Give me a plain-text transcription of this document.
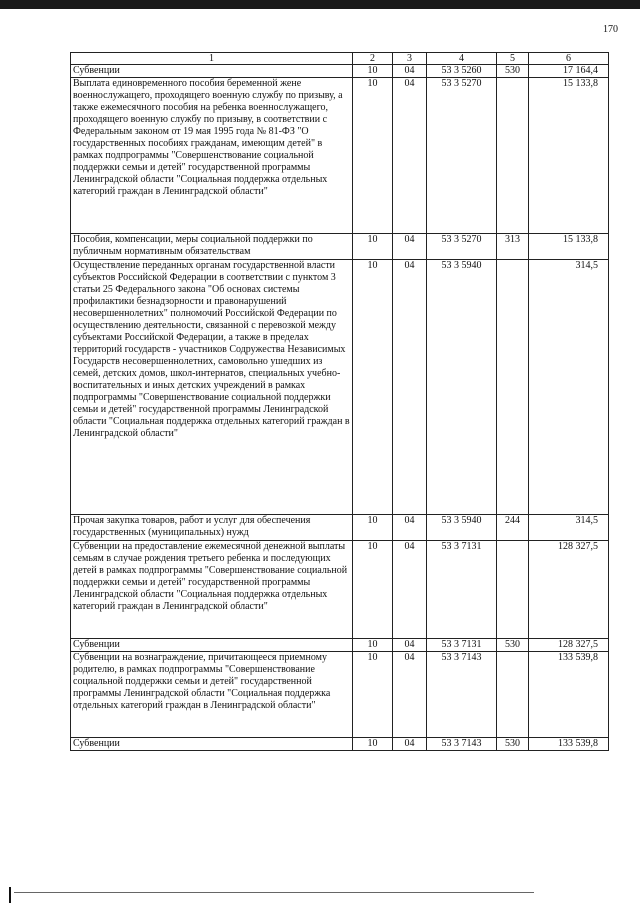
170
1	2	3	4	5	6
Субвенции	10	04	53 3 5260	530	17 164,4
Выплата единовременного пособия беременной жене военнослужащего, проходящего военную службу по призыву, а также ежемесячного пособия на ребенка военнослужащего, проходящего военную службу по призыву, в соответствии с Федеральным законом от 19 мая 1995 года № 81-ФЗ "О государственных пособиях гражданам, имеющим детей" в рамках подпрограммы "Совершенствование социальной поддержки семьи и детей" государственной программы Ленинградской области "Социальная поддержка отдельных категорий граждан в Ленинградской области"	10	04	53 3 5270		15 133,8
Пособия, компенсации, меры социальной поддержки по публичным нормативным обязательствам	10	04	53 3 5270	313	15 133,8
Осуществление переданных органам государственной власти субъектов Российской Федерации в соответствии с пунктом 3 статьи 25 Федерального закона "Об основах системы профилактики безнадзорности и правонарушений несовершеннолетних" полномочий Российской Федерации по осуществлению деятельности, связанной с перевозкой между субъектами Российской Федерации, а также в пределах территорий государств - участников Содружества Независимых Государств несовершеннолетних, самовольно ушедших из семей, детских домов, школ-интернатов, специальных учебно-воспитательных и иных детских учреждений в рамках подпрограммы "Совершенствование социальной поддержки семьи и детей" государственной программы Ленинградской области "Социальная поддержка отдельных категорий граждан в Ленинградской области"	10	04	53 3 5940		314,5
Прочая закупка товаров, работ и услуг для обеспечения государственных (муниципальных) нужд	10	04	53 3 5940	244	314,5
Субвенции на предоставление ежемесячной денежной выплаты семьям в случае рождения третьего ребенка и последующих детей в рамках подпрограммы "Совершенствование социальной поддержки семьи и детей" государственной программы Ленинградской области "Социальная поддержка отдельных категорий граждан в Ленинградской области"	10	04	53 3 7131		128 327,5
Субвенции	10	04	53 3 7131	530	128 327,5
Субвенции на вознаграждение, причитающееся приемному родителю, в рамках подпрограммы "Совершенствование социальной поддержки семьи и детей" государственной программы Ленинградской области "Социальная поддержка отдельных категорий граждан в Ленинградской области"	10	04	53 3 7143		133 539,8
Субвенции	10	04	53 3 7143	530	133 539,8
